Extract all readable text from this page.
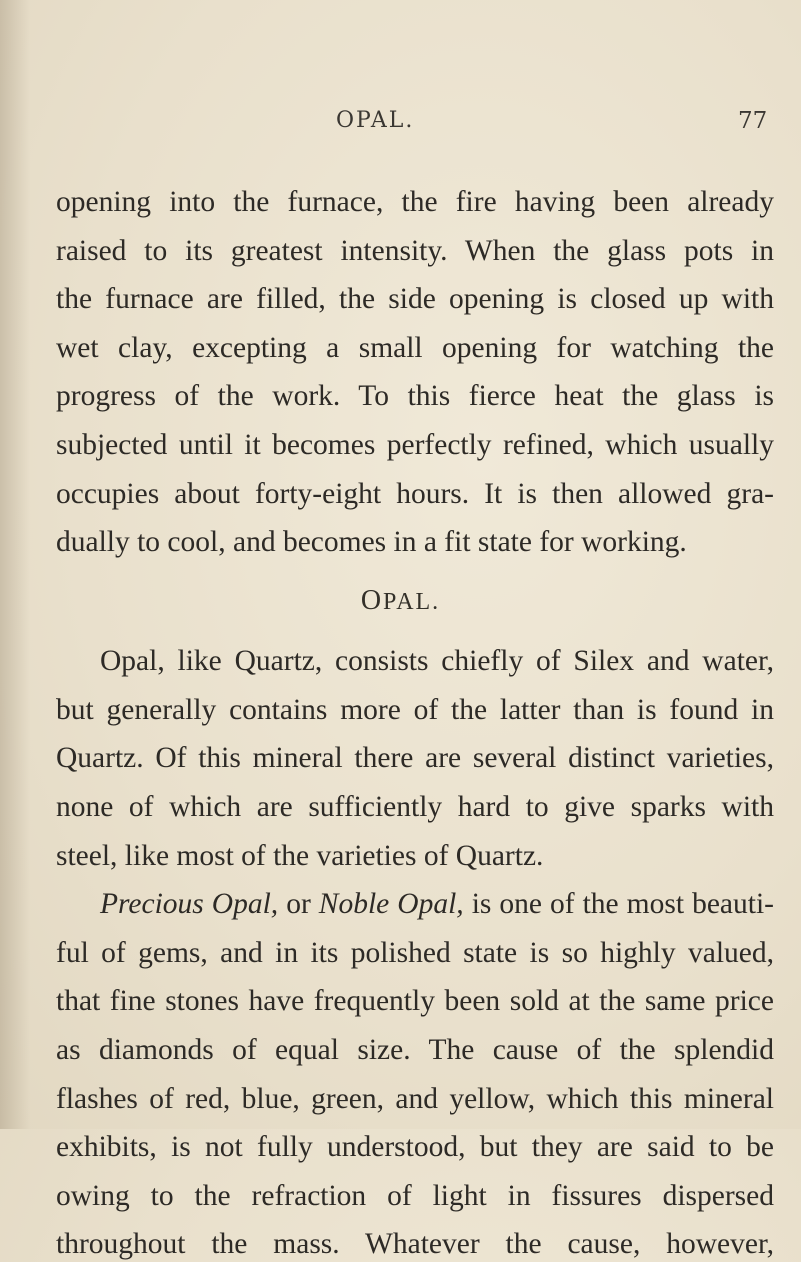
OPAL.	77
opening into the furnace, the fire having been already
raised to its greatest intensity. When the glass pots in
the furnace are filled, the side opening is closed up with
wet clay, excepting a small opening for watching the
progress of the work. To this fierce heat the glass is
subjected until it becomes perfectly refined, which usually
occupies about forty-eight hours. It is then allowed gra-
dually to cool, and becomes in a fit state for working.
OPAL.
Opal, like Quartz, consists chiefly of Silex and water,
but generally contains more of the latter than is found in
Quartz. Of this mineral there are several distinct varieties,
none of which are sufficiently hard to give sparks with
steel, like most of the varieties of Quartz.
Precious Opal, or Noble Opal, is one of the most beauti-
ful of gems, and in its polished state is so highly valued,
that fine stones have frequently been sold at the same price
as diamonds of equal size. The cause of the splendid
flashes of red, blue, green, and yellow, which this mineral
exhibits, is not fully understood, but they are said to be
owing to the refraction of light in fissures dispersed
throughout the mass. Whatever the cause, however,
